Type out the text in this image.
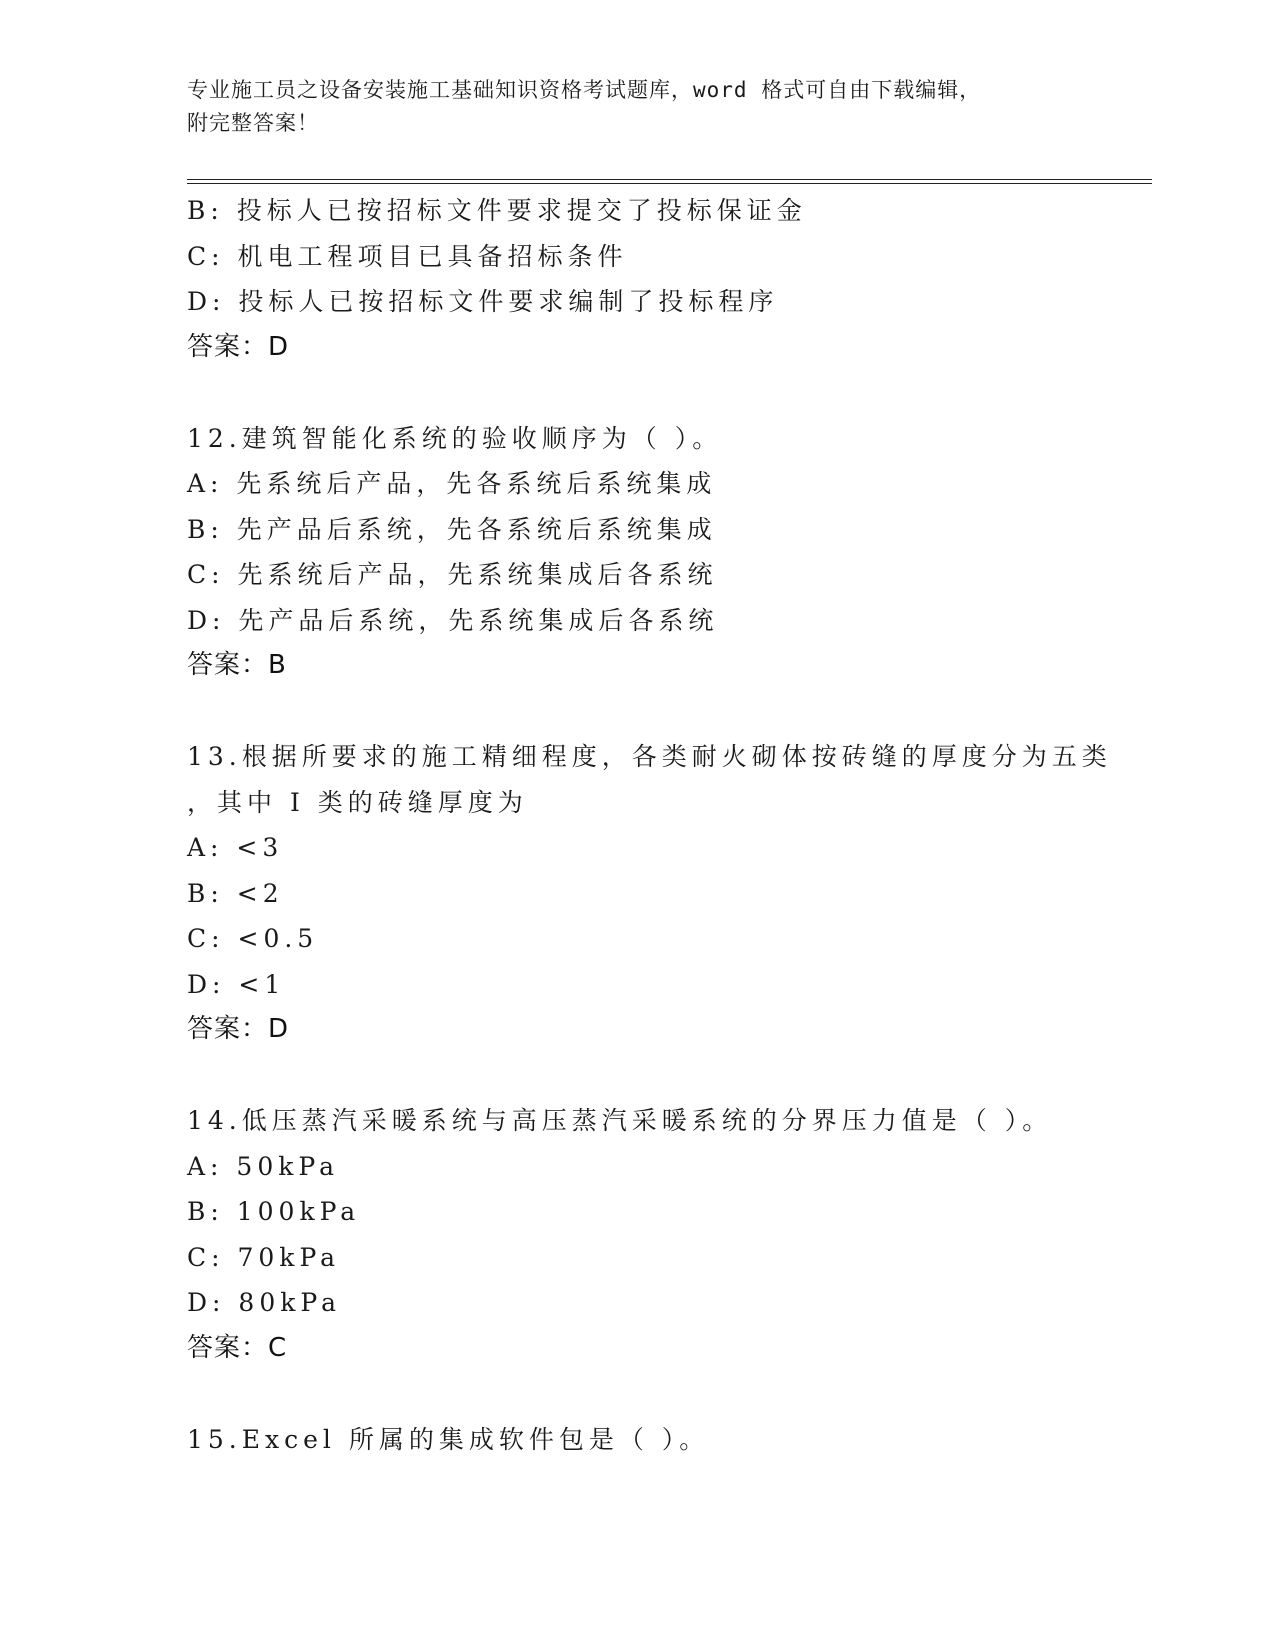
专业施工员之设备安装施工基础知识资格考试题库，word 格式可自由下载编辑，
附完整答案！
B: 投标人已按招标文件要求提交了投标保证金
C: 机电工程项目已具备招标条件
D: 投标人已按招标文件要求编制了投标程序
答案：D
12.建筑智能化系统的验收顺序为（ ）。
A: 先系统后产品，先各系统后系统集成
B: 先产品后系统，先各系统后系统集成
C: 先系统后产品，先系统集成后各系统
D: 先产品后系统，先系统集成后各系统
答案：B
13.根据所要求的施工精细程度，各类耐火砌体按砖缝的厚度分为五类
，其中 I 类的砖缝厚度为
A: <3
B: <2
C: <0.5
D: <1
答案：D
14.低压蒸汽采暖系统与高压蒸汽采暖系统的分界压力值是（ ）。
A: 50kPa
B: 100kPa
C: 70kPa
D: 80kPa
答案：C
15.Excel 所属的集成软件包是（ ）。
